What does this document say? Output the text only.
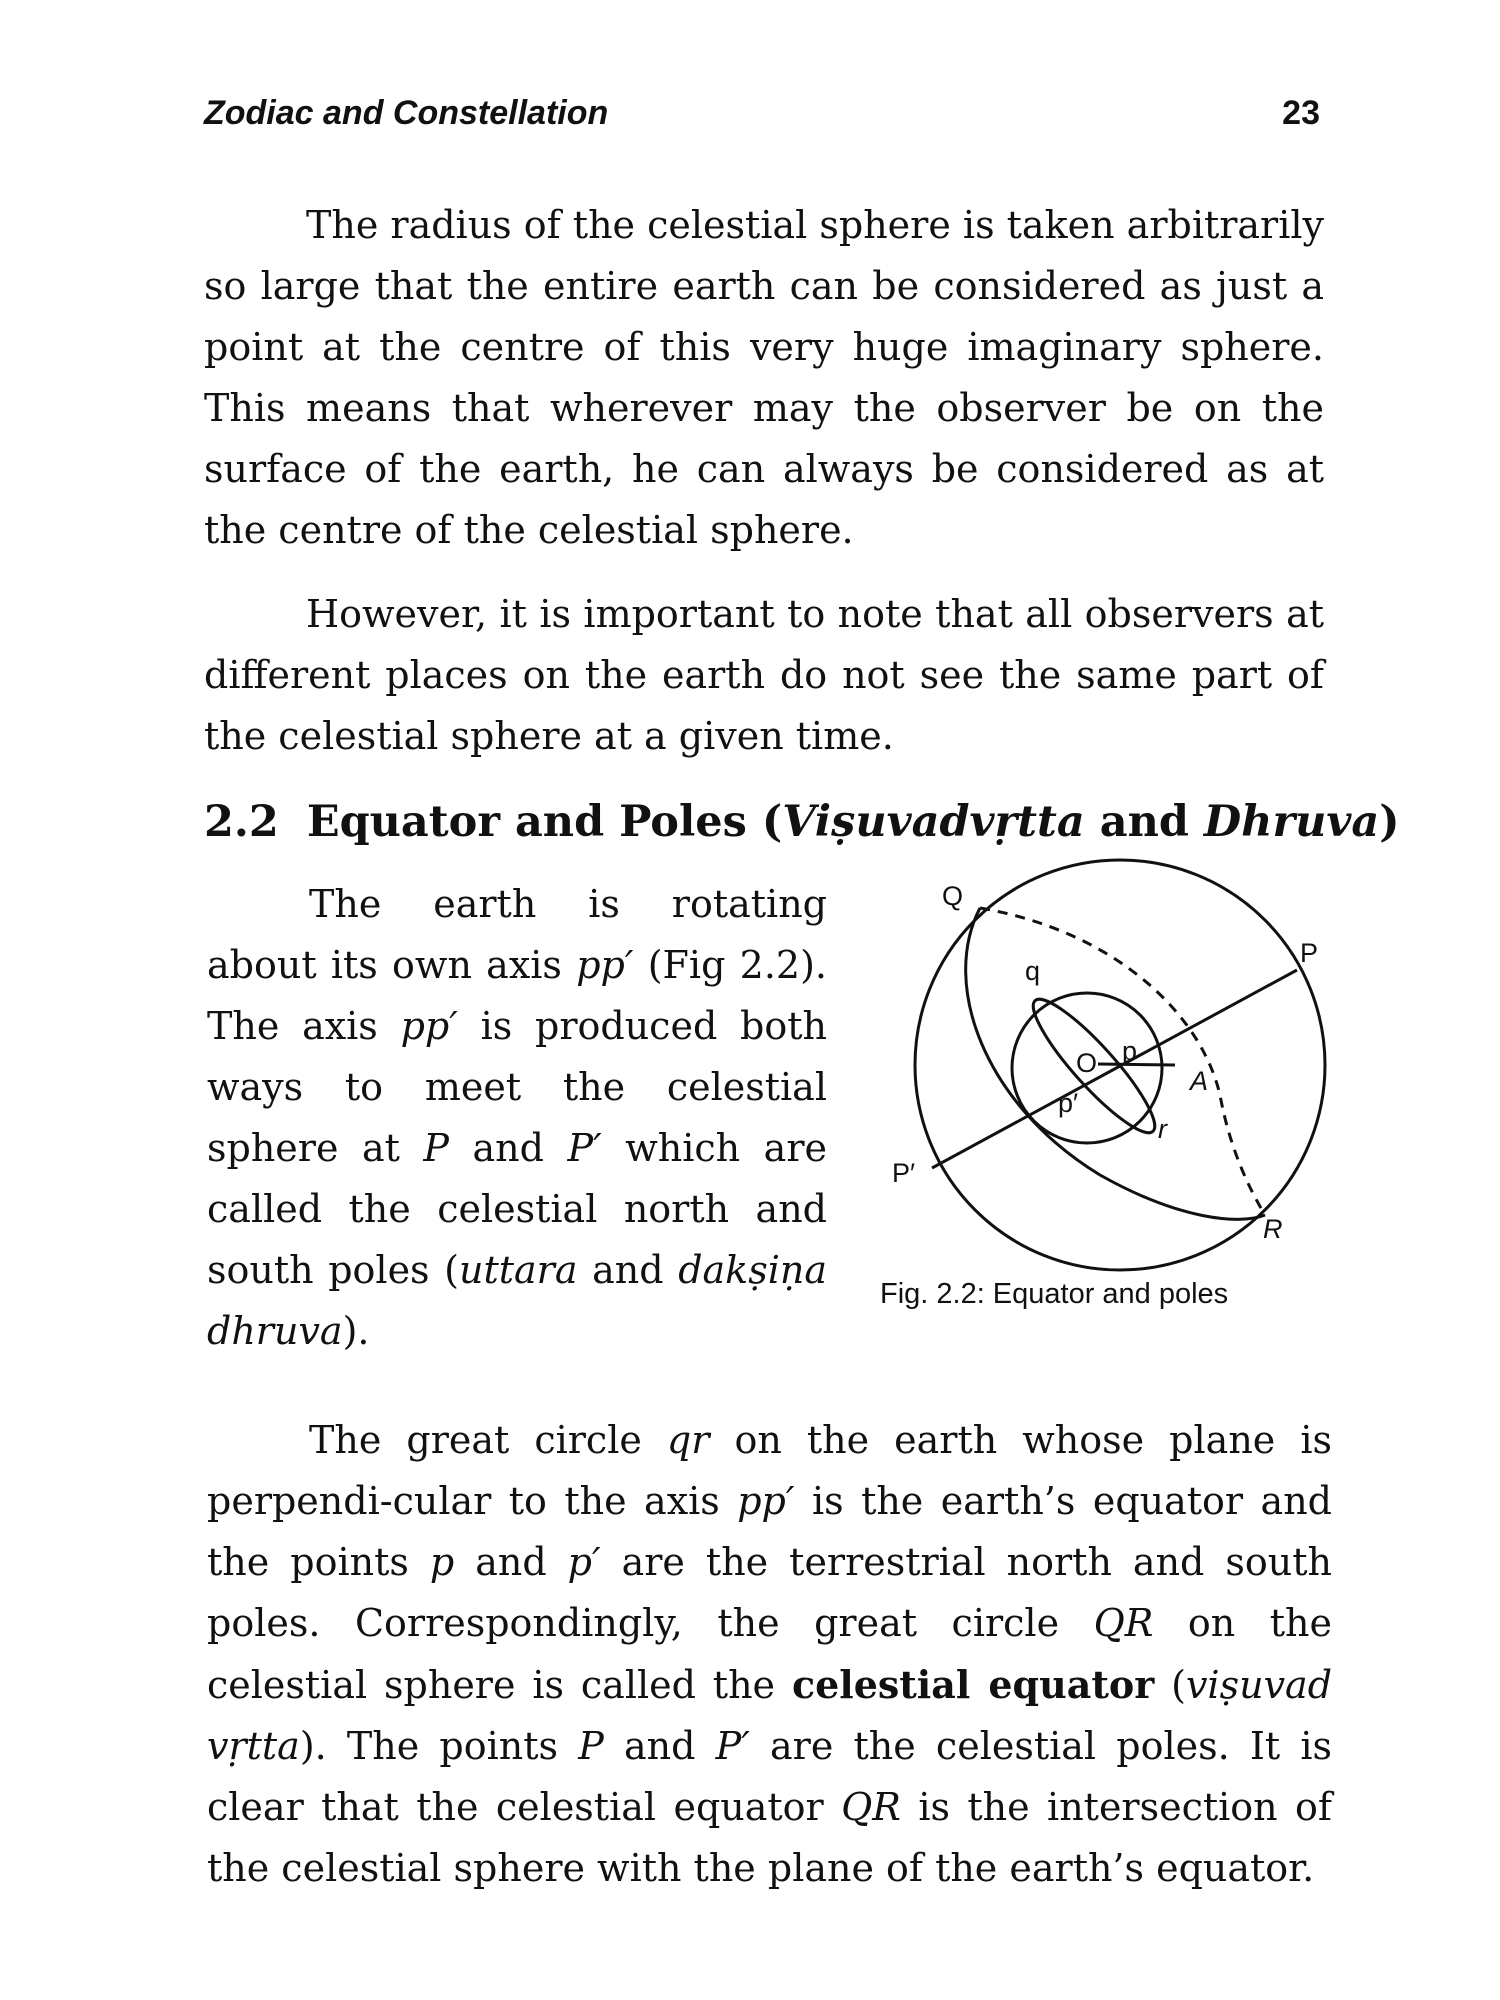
Zodiac and Constellation	23

The radius of the celestial sphere is taken arbitrarily so large that the entire earth can be considered as just a point at the centre of this very huge imaginary sphere. This means that wherever may the observer be on the surface of the earth, he can always be considered as at the centre of the celestial sphere.

However, it is important to note that all observers at different places on the earth do not see the same part of the celestial sphere at a given time.

2.2 Equator and Poles (Viṣuvadvṛtta and Dhruva)

The earth is rotating about its own axis pp′ (Fig 2.2). The axis pp′ is produced both ways to meet the celestial sphere at P and P′ which are called the celestial north and south poles (uttara and dakṣiṇa dhruva).

Q
P
q
O p
A
p′
r
P′
R
Fig. 2.2: Equator and poles

The great circle qr on the earth whose plane is perpendi-cular to the axis pp′ is the earth’s equator and the points p and p′ are the terrestrial north and south poles. Correspondingly, the great circle QR on the celestial sphere is called the celestial equator (viṣuvad vṛtta). The points P and P′ are the celestial poles. It is clear that the celestial equator QR is the intersection of the celestial sphere with the plane of the earth’s equator.
